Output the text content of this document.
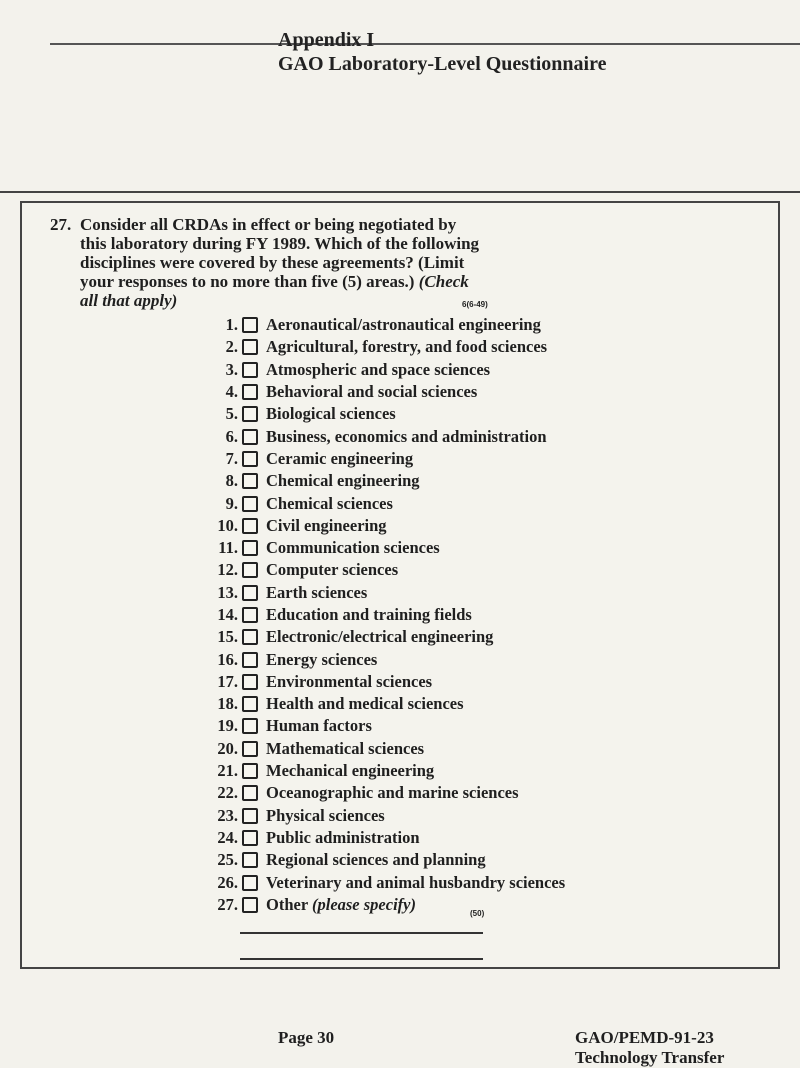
Appendix I
GAO Laboratory-Level Questionnaire
27. Consider all CRDAs in effect or being negotiated by this laboratory during FY 1989. Which of the following disciplines were covered by these agreements? (Limit your responses to no more than five (5) areas.) (Check all that apply)	6(6-49)
1. Aeronautical/astronautical engineering
2. Agricultural, forestry, and food sciences
3. Atmospheric and space sciences
4. Behavioral and social sciences
5. Biological sciences
6. Business, economics and administration
7. Ceramic engineering
8. Chemical engineering
9. Chemical sciences
10. Civil engineering
11. Communication sciences
12. Computer sciences
13. Earth sciences
14. Education and training fields
15. Electronic/electrical engineering
16. Energy sciences
17. Environmental sciences
18. Health and medical sciences
19. Human factors
20. Mathematical sciences
21. Mechanical engineering
22. Oceanographic and marine sciences
23. Physical sciences
24. Public administration
25. Regional sciences and planning
26. Veterinary and animal husbandry sciences
27. Other (please specify)	(50)
Page 30	GAO/PEMD-91-23 Technology Transfer
